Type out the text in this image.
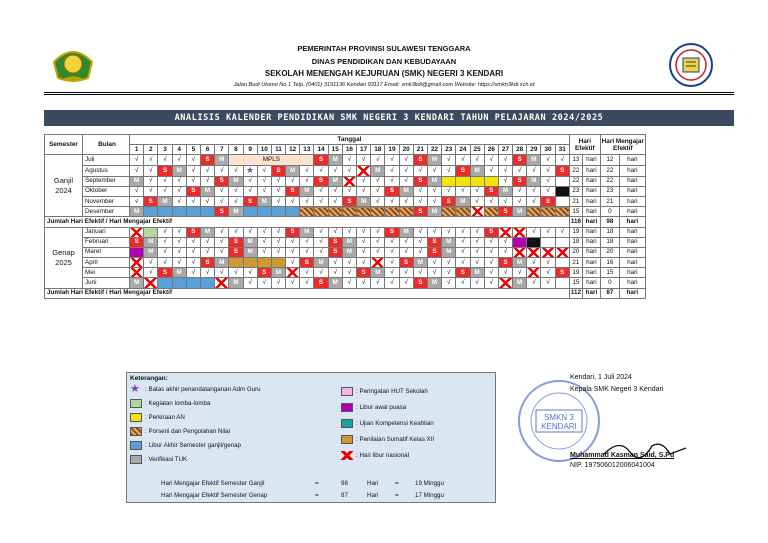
PEMERINTAH PROVINSI SULAWESI TENGGARA
DINAS PENDIDIKAN DAN KEBUDAYAAN
SEKOLAH MENENGAH KEJURUAN (SMK) NEGERI 3 KENDARI
Jalan Budi Utomo No.1 Telp. (0401) 3191136 Kendari 93117 Email: smk3kdi@gmail.com Website: https://smkn3kdi.sch.id
ANALISIS KALENDER PENDIDIKAN SMK NEGERI 3 KENDARI TAHUN PELAJARAN 2024/2025
Semester	Bulan	Tanggal																															Hari Efektif		Hari Mengajar Efektif	
		1	2	3	4	5	6	7	8	9	10	11	12	13	14	15	16	17	18	19	20	21	22	23	24	25	26	27	28	29	30	31				

Ganjil
2024	Juli	√	√	√	√	√	S	M	MPLS						S	M	√	√	√	√	√	S	M	√	√	√	√	√	S	M	√	√	13	hari	12	hari
	Agustus	√	√	S	M	√	√	√	√	★	√	S	M	√	√	√	√		M	√	√	√	√	√	S	M	√	√	√	√	√	S	22	hari	22	hari
	September	M	√	√	√	√	√	S	M	√	√	√	√	√	S	M		√	√	√	√	S	M					√	S	M	√		22	hari	22	hari
	Oktober	√	√	√	√	S	M	√	√	√	√	√	S	M	√	√	√	√	√	S	M	√	√	√	√	√	S	M	√	√	√		23	hari	23	hari
	November	√	S	M	√	√	√	√	√	S	M	√	√	√	√	√	S	M	√	√	√	√	√	S	M	√	√	√	√	√	S		21	hari	21	hari
	Desember	M						S	M													S	M					S	M				15	hari	0	hari
Jumlah Hari Efektif / Hari Mengajar Efektif																																	116	hari	98	hari

Genap
2025	Januari			√	√	S	M	√	√	√	√	√	S	M	√	√	√	√	√	S	M	√	√	√	√	√	S			√	√	√	19	hari	18	hari
	Februari	S	M	√	√	√	√	√	S	M	√	√	√	√	√	S	M	√	√	√	√	√	S	M	√	√	√	√					18	hari	18	hari
	Maret		M	√	√	√	√	√	S	M	√	√	√	√	√	S	M	√	√	√	√	√	S	M	√	√	√	√					20	hari	20	hari
	April		√	√	√	√	S	M					√	S	M	√	√	√		√	S	M	√	√	√	√	√	S	M	√	√		21	hari	16	hari
	Mei		√	S	M	√	√	√	√	√	S	M		√	√	√	√	S	M	√	√	√	√	√	S	M	√	√	√		√	S	19	hari	15	hari
	Juni	M							M	√	√	√	√	√	S	M	√	√	√	√	√	S	M	√	√	√	√		M	√	√		15	hari	0	hari
Jumlah Hari Efektif / Hari Mengajar Efektif																																	112	hari	87	hari
Keterangan:
★ : Batas akhir penandatanganan Adm Guru
: Kegiatan lomba-lomba
: Perkiraan AN
: Porseni dan Pengolahan Nilai
: Libur Akhir Semester ganjil/genap
: Verifikasi TUK
: Peringatan HUT Sekolah
: Libur awal puasa
: Ujian Kompetensi Keahlian
: Penilaian Sumatif Kelas XII
: Hari libur nasional
Hari Mengajar Efektif Semester Ganjil	=	98	Hari	=	19 Minggu
Hari Mengajar Efektif Semester Genap	=	87	Hari	=	17 Minggu
SMKN 3
KENDARI
Kendari, 1 Juli 2024
Kepala SMK Negeri 3 Kendari
Muhammad Kasman Said, S.Pd
NIP. 197506012006041004
